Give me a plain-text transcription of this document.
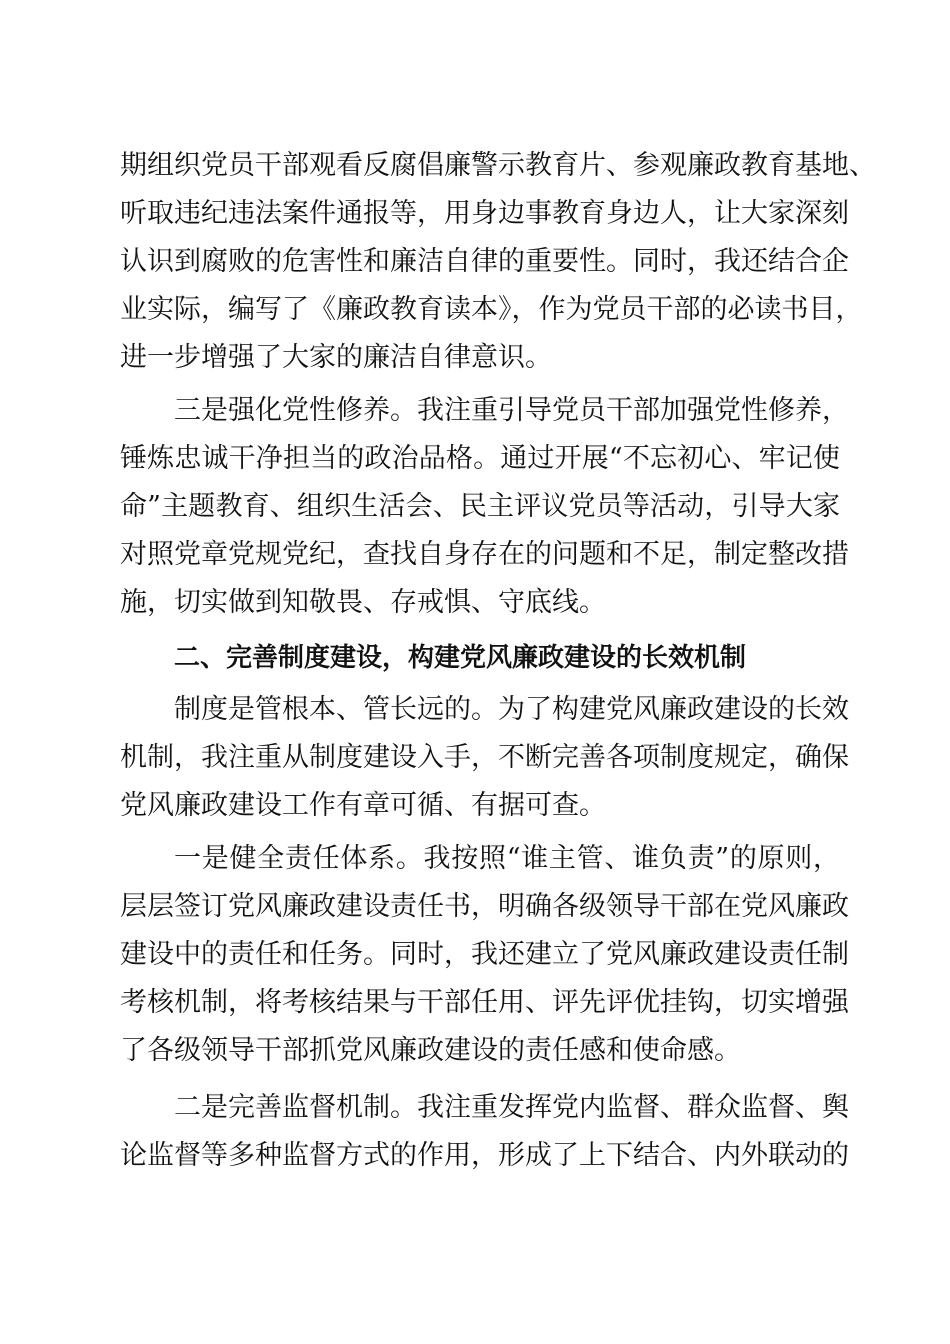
期组织党员干部观看反腐倡廉警示教育片、参观廉政教育基地、
听取违纪违法案件通报等，用身边事教育身边人，让大家深刻
认识到腐败的危害性和廉洁自律的重要性。同时，我还结合企
业实际，编写了《廉政教育读本》，作为党员干部的必读书目，
进一步增强了大家的廉洁自律意识。
三是强化党性修养。我注重引导党员干部加强党性修养，
锤炼忠诚干净担当的政治品格。通过开展“不忘初心、牢记使
命”主题教育、组织生活会、民主评议党员等活动，引导大家
对照党章党规党纪，查找自身存在的问题和不足，制定整改措
施，切实做到知敬畏、存戒惧、守底线。
二、完善制度建设，构建党风廉政建设的长效机制
制度是管根本、管长远的。为了构建党风廉政建设的长效
机制，我注重从制度建设入手，不断完善各项制度规定，确保
党风廉政建设工作有章可循、有据可查。
一是健全责任体系。我按照“谁主管、谁负责”的原则，
层层签订党风廉政建设责任书，明确各级领导干部在党风廉政
建设中的责任和任务。同时，我还建立了党风廉政建设责任制
考核机制，将考核结果与干部任用、评先评优挂钩，切实增强
了各级领导干部抓党风廉政建设的责任感和使命感。
二是完善监督机制。我注重发挥党内监督、群众监督、舆
论监督等多种监督方式的作用，形成了上下结合、内外联动的
